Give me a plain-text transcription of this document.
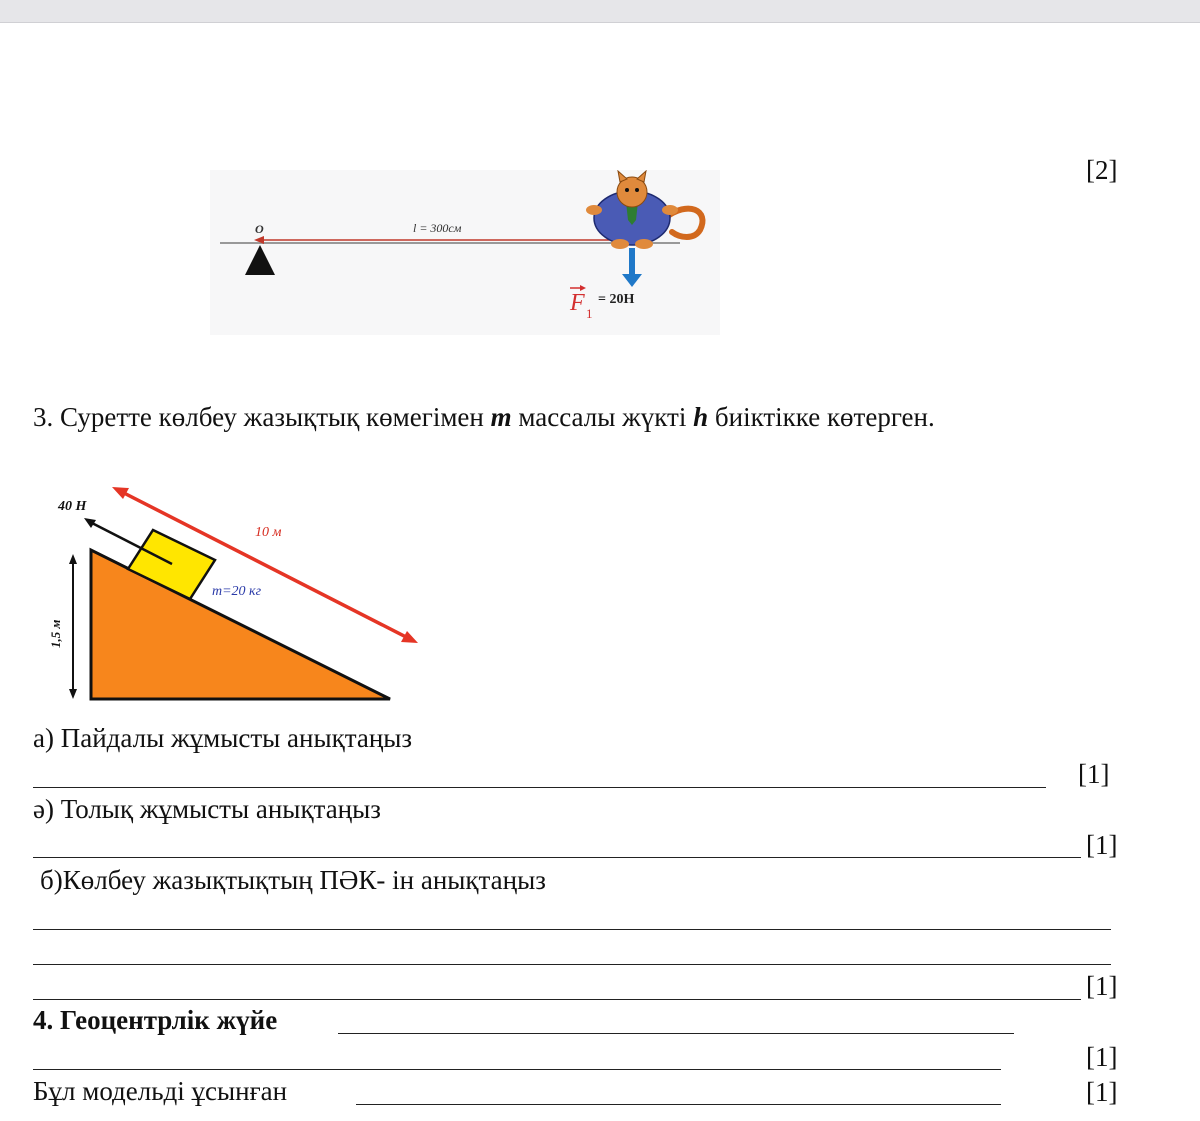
[2]
l = 300см
O
F 1
= 20Н
3. Суретте көлбеу жазықтық көмегімен m массалы жүкті h биіктікке көтерген.
40 Н
10 м
m=20 кг
1,5 м
а) Пайдалы жұмысты анықтаңыз
[1]
ә) Толық жұмысты анықтаңыз
[1]
б)Көлбеу жазықтықтың ПӘК- ін анықтаңыз
[1]
4. Геоцентрлік жүйе
[1]
Бұл модельді ұсынған	[1]
